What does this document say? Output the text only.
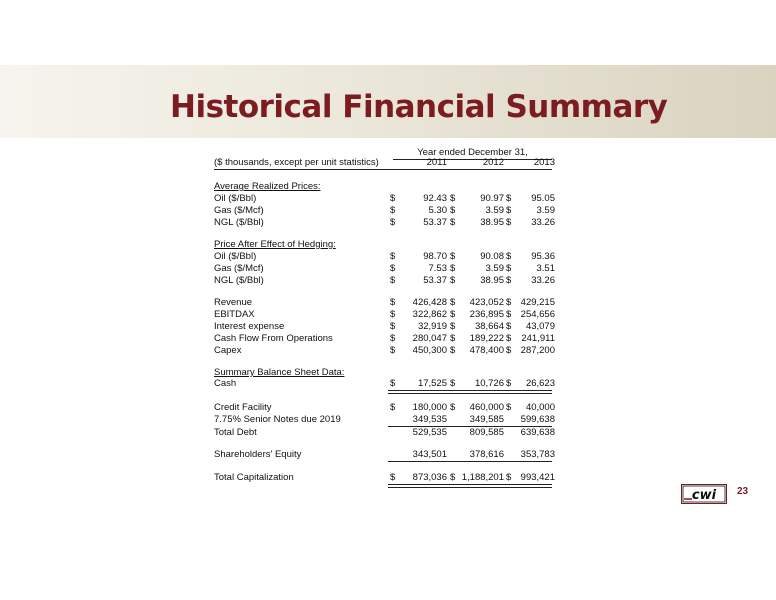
Historical Financial Summary
Year ended December 31,
($ thousands, except per unit statistics)	2011	2012	2013
Average Realized Prices:
Oil ($/Bbl)	$	92.43 $	90.97 $	95.05
Gas ($/Mcf)	$	5.30 $	3.59 $	3.59
NGL ($/Bbl)	$	53.37 $	38.95 $	33.26
Price After Effect of Hedging:
Oil ($/Bbl)	$	98.70 $	90.08 $	95.36
Gas ($/Mcf)	$	7.53 $	3.59 $	3.51
NGL ($/Bbl)	$	53.37 $	38.95 $	33.26
Revenue	$	426,428 $	423,052 $ 429,215
EBITDAX	$	322,862 $	236,895 $ 254,656
Interest expense	$	32,919 $	38,664 $	43,079
Cash Flow From Operations	$	280,047 $	189,222 $	241,911
Capex	$	450,300 $	478,400 $ 287,200
Summary Balance Sheet Data:
Cash	$	17,525 $	10,726 $	26,623
Credit Facility	$	180,000 $	460,000 $	40,000
7.75% Senior Notes due 2019	349,535	349,585	599,638
Total Debt	529,535	809,585	639,638
Shareholders' Equity	343,501	378,616	353,783
Total Capitalization	$	873,036 $ 1,188,201 $ 993,421
cwi 23
